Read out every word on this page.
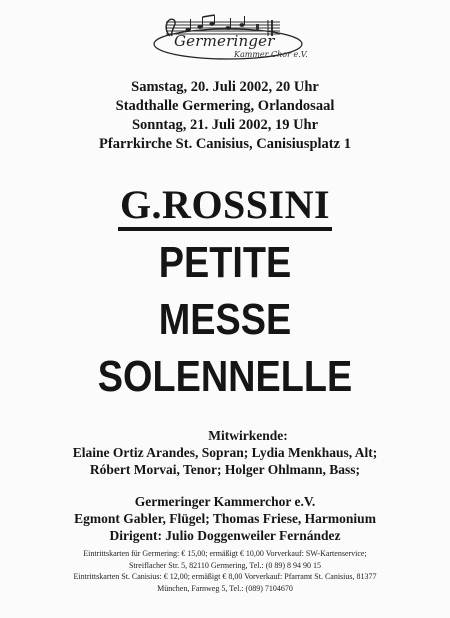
Germeringer
Kammer Chor e.V.
Samstag, 20. Juli 2002, 20 Uhr
Stadthalle Germering, Orlandosaal
Sonntag, 21. Juli 2002, 19 Uhr
Pfarrkirche St. Canisius, Canisiusplatz 1
G.ROSSINI
PETITE
MESSE
SOLENNELLE
Mitwirkende:
Elaine Ortiz Arandes, Sopran; Lydia Menkhaus, Alt;
Róbert Morvai, Tenor; Holger Ohlmann, Bass;
Germeringer Kammerchor e.V.
Egmont Gabler, Flügel; Thomas Friese, Harmonium
Dirigent: Julio Doggenweiler Fernández
Eintrittskarten für Germering: € 15,00; ermäßigt € 10,00 Vorverkauf: SW-Kartenservice;
Streiflacher Str. 5, 82110 Germering, Tel.: (0 89) 8 94 90 15
Eintrittskarten St. Canisius: € 12,00; ermäßigt € 8,00 Vorverkauf: Pfarramt St. Canisius, 81377
München, Farnweg 5, Tel.: (089) 7104670
